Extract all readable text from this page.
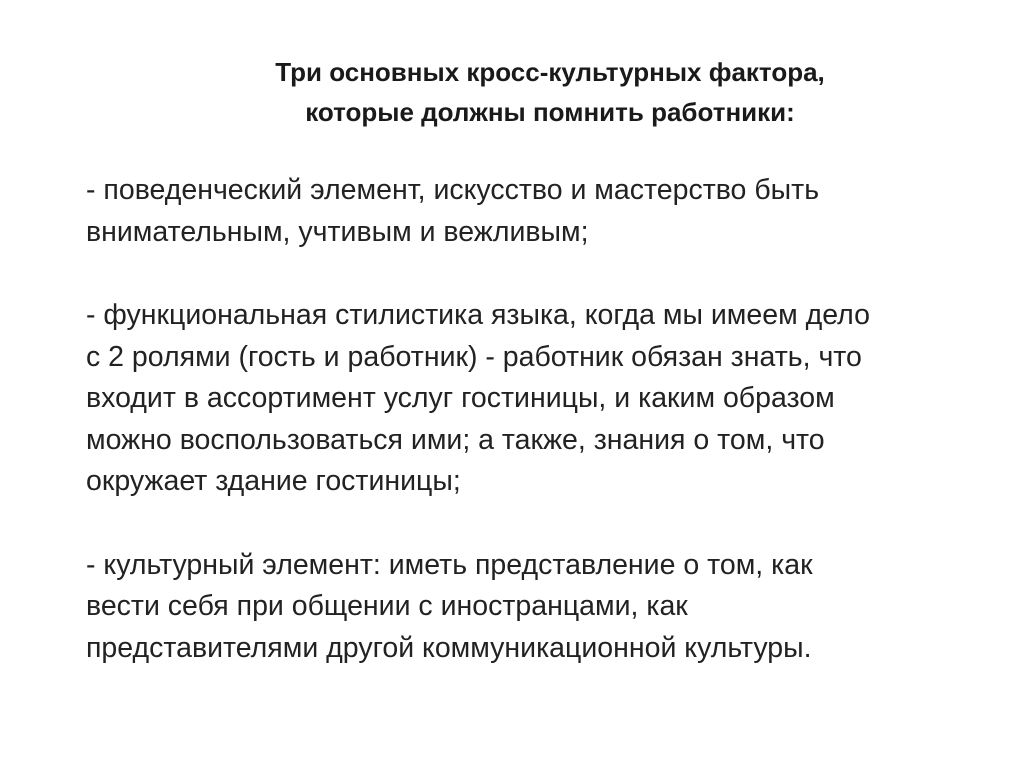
Три основных кросс-культурных фактора,
которые должны помнить работники:

- поведенческий элемент, искусство и мастерство быть
внимательным, учтивым и вежливым;

- функциональная стилистика языка, когда мы имеем дело
с 2 ролями (гость и работник) - работник обязан знать, что
входит в ассортимент услуг гостиницы, и каким образом
можно воспользоваться ими; а также, знания о том, что
окружает здание гостиницы;

- культурный элемент: иметь представление о том, как
вести себя при общении с иностранцами, как
представителями другой коммуникационной культуры.
